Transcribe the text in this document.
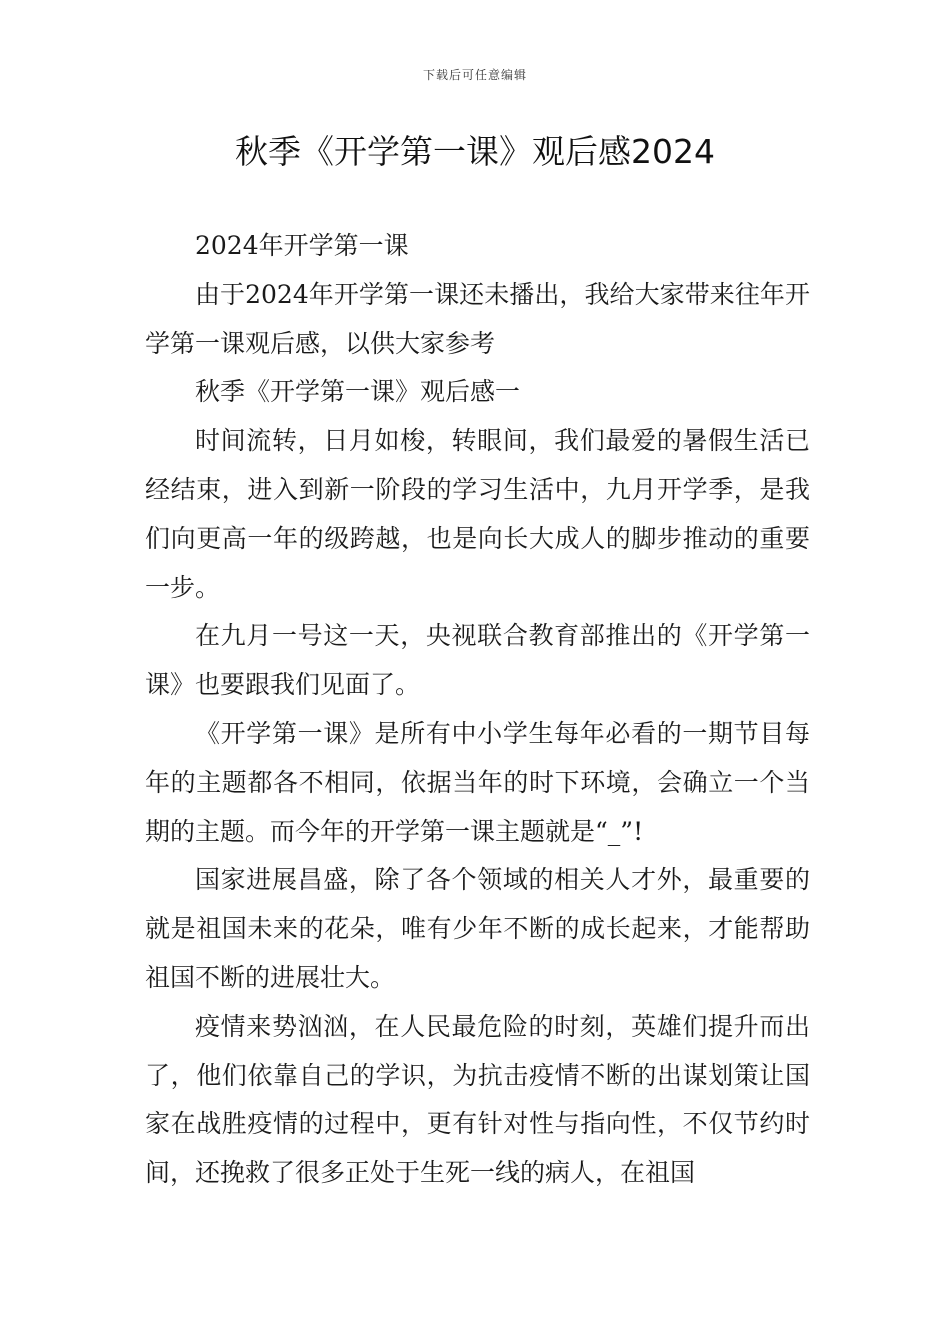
下载后可任意编辑
秋季《开学第一课》观后感2024

2024年开学第一课

由于2024年开学第一课还未播出，我给大家带来往年开学第一课观后感，以供大家参考

秋季《开学第一课》观后感一

时间流转，日月如梭，转眼间，我们最爱的暑假生活已经结束，进入到新一阶段的学习生活中，九月开学季，是我们向更高一年的级跨越，也是向长大成人的脚步推动的重要一步。

在九月一号这一天，央视联合教育部推出的《开学第一课》也要跟我们见面了。

《开学第一课》是所有中小学生每年必看的一期节目每年的主题都各不相同，依据当年的时下环境，会确立一个当期的主题。而今年的开学第一课主题就是“_”!

国家进展昌盛，除了各个领域的相关人才外，最重要的就是祖国未来的花朵，唯有少年不断的成长起来，才能帮助祖国不断的进展壮大。

疫情来势汹汹，在人民最危险的时刻，英雄们提升而出了，他们依靠自己的学识，为抗击疫情不断的出谋划策让国家在战胜疫情的过程中，更有针对性与指向性，不仅节约时间，还挽救了很多正处于生死一线的病人，在祖国
